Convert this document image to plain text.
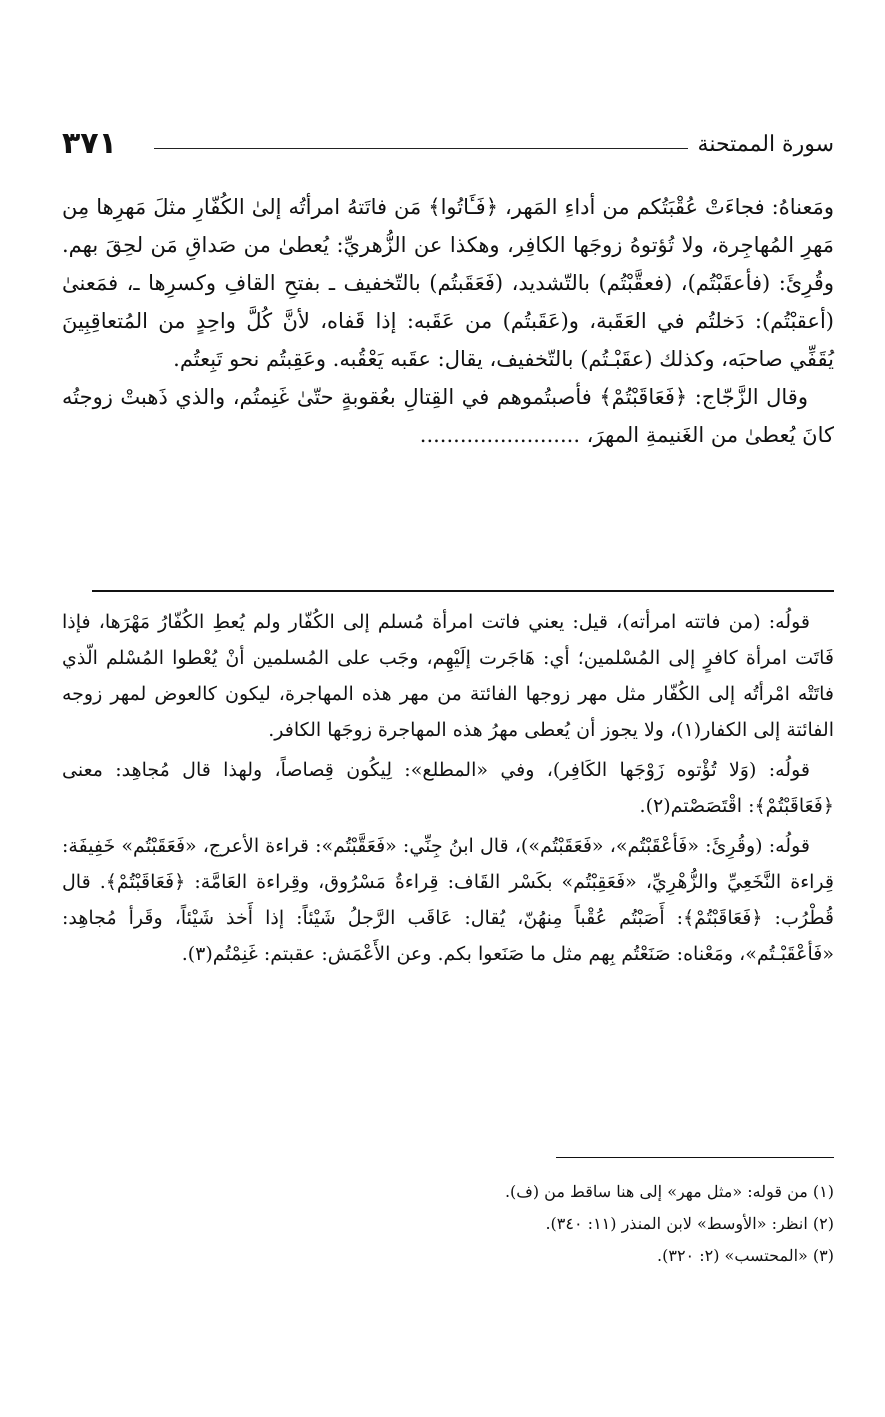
٣٧١	سورة الممتحنة

ومَعناهُ: فجاءَتْ عُقْبَتُكم من أداءِ المَهر، ﴿فَـَٔاتُوا﴾ مَن فاتَتهُ امرأتُه إلىٰ الكُفّارِ مثلَ مَهرِها مِن مَهرِ المُهاجِرة، ولا تُؤتوهُ زوجَها الكافِر، وهكذا عن الزُّهريِّ: يُعطىٰ من صَداقِ مَن لحِقَ بهم. وقُرِئَ: (فأعقَبْتُم)، (فعقَّبْتُم) بالتّشديد، (فَعَقَبتُم) بالتّخفيف ـ بفتحِ القافِ وكسرِها ـ، فمَعنىٰ (أعقبْتُم): دَخلتُم في العَقَبة، و(عَقَبتُم) من عَقَبه: إذا قَفاه، لأنَّ كُلَّ واحِدٍ من المُتعاقِبِينَ يُقَفِّي صاحبَه، وكذلك (عقَبْـتُم) بالتّخفيف، يقال: عقَبه يَعْقُبه. وعَقِبتُم نحو تَبِعتُم.

وقال الزَّجّاج: ﴿فَعَاقَبْتُمْ﴾ فأصبتُموهم في القِتالِ بعُقوبةٍ حتّىٰ غَنِمتُم، والذي ذَهبتْ زوجتُه كانَ يُعطىٰ من الغَنيمةِ المهرَ، ........................

قولُه: (من فاتته امرأته)، قيل: يعني فاتت امرأة مُسلم إلى الكُفّار ولم يُعطِ الكُفّارُ مَهْرَها، فإذا فَاتَت امرأة كافرٍ إلى المُسْلمين؛ أي: هَاجَرت إلَيْهِم، وجَب على المُسلمين أنْ يُعْطوا المُسْلم الّذي فاتَتْه امْرأتُه إلى الكُفّار مثل مهر زوجها الفائتة من مهر هذه المهاجرة، ليكون كالعوض لمهر زوجه الفائتة إلى الكفار(١)، ولا يجوز أن يُعطى مهرُ هذه المهاجرة زوجَها الكافر.

قولُه: (وَلا تُؤْتوه زَوْجَها الكَافِر)، وفي «المطلع»: لِيكُون قِصاصاً، ولهذا قال مُجاهِد: معنى ﴿فَعَاقَبْتُمْ﴾: اقْتَصَصْتم(٢).

قولُه: (وقُرِئَ: «فَأعْقَبْتُم»، «فَعَقَبْتُم»)، قال ابنُ جِنِّي: «فَعَقَّبْتُم»: قراءة الأعرج، «فَعَقَبْتُم» خَفِيفَة: قِراءة النَّخَعِيِّ والزُّهْرِيِّ، «فَعَقِبْتُم» بكَسْر القَاف: قِراءةُ مَسْرُوق، وقِراءة العَامَّة: ﴿فَعَاقَبْتُمْ﴾. قال قُطْرُب: ﴿فَعَاقَبْتُمْ﴾: أَصَبْتُم عُقْباً مِنهُنّ، يُقال: عَاقَب الرَّجلُ شَيْئاً: إذا أَخذ شَيْئاً، وقَرأ مُجاهِد: «فَأعْقَبْـتُم»، ومَعْناه: صَنَعْتُم بِهم مثل ما صَنَعوا بكم. وعن الأَعْمَش: عقبتم: غَنِمْتُم(٣).

(١) من قوله: «مثل مهر» إلى هنا ساقط من (ف).

(٢) انظر: «الأوسط» لابن المنذر (١١: ٣٤٠).

(٣) «المحتسب» (٢: ٣٢٠).
